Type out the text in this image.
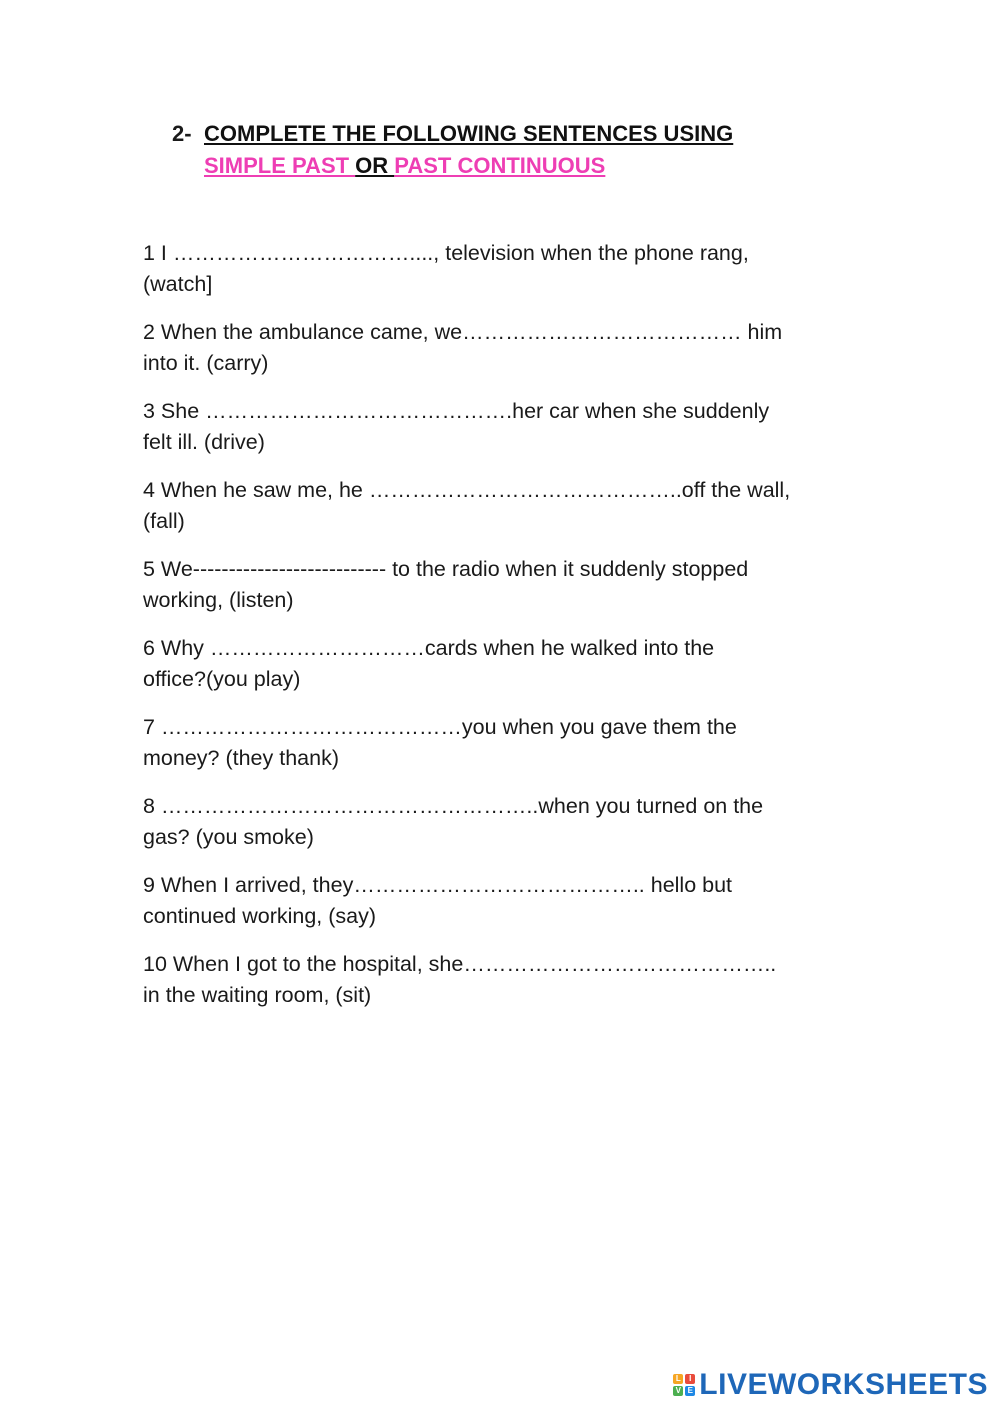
2- COMPLETE THE FOLLOWING SENTENCES USING
SIMPLE PAST OR PAST CONTINUOUS

1 I ……………………………...., television when the phone rang,
(watch]

2 When the ambulance came, we………………………………… him
into it. (carry)

3 She …………………………………….her car when she suddenly
felt ill. (drive)

4 When he saw me, he ……………………………………..off the wall,
(fall)

5 We--------------------------- to the radio when it suddenly stopped
working, (listen)

6 Why …………………………cards when he walked into the
office?(you play)

7 ……………………………………you when you gave them the
money? (they thank)

8 ……………………………………………..when you turned on the
gas? (you smoke)

9 When I arrived, they………………………………….. hello but
continued working, (say)

10 When I got to the hospital, she……………………………………..
in the waiting room, (sit)

L	I
V E LIVEWORKSHEETS
